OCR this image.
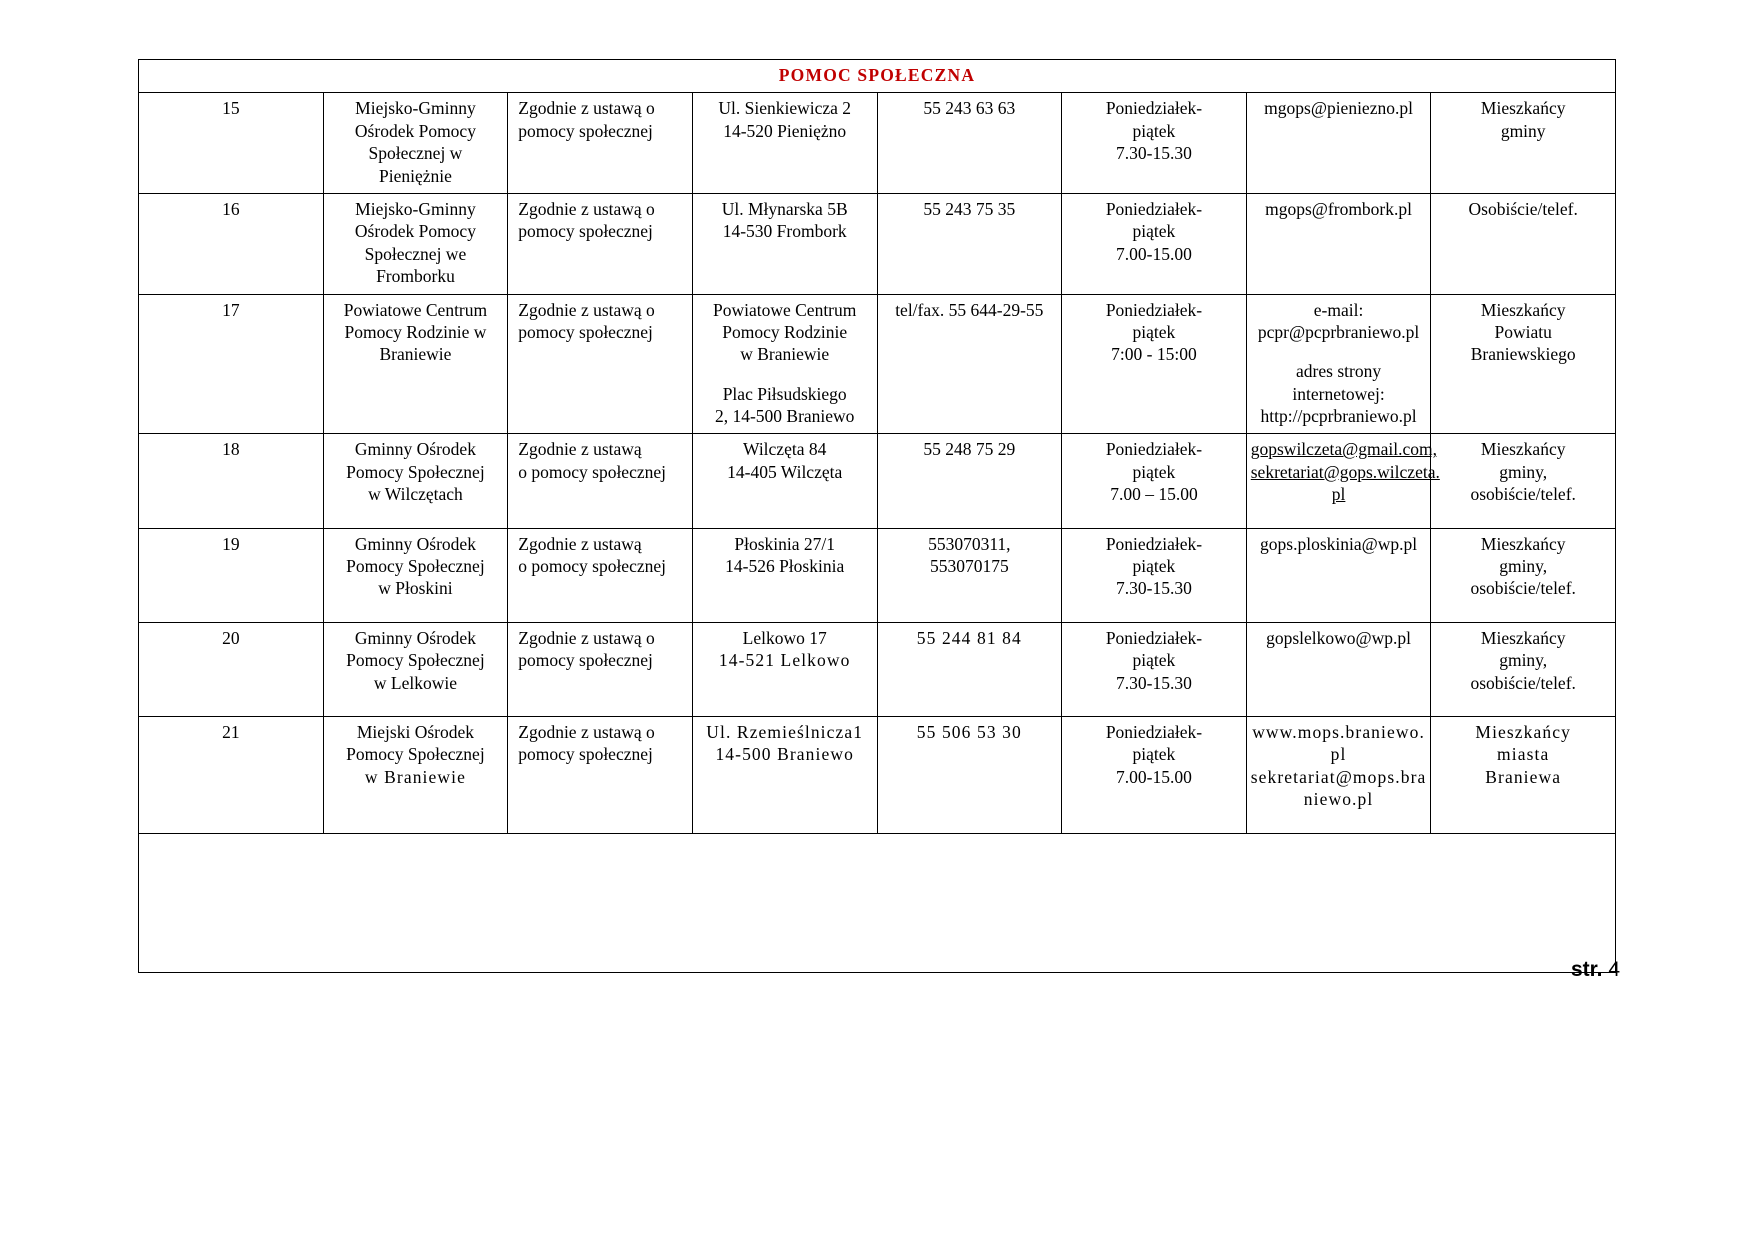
POMOC SPOŁECZNA							

15	Miejsko-Gminny
Ośrodek Pomocy
Społecznej w
Pieniężnie	Zgodnie z ustawą o
pomocy społecznej	Ul. Sienkiewicza 2
14-520 Pieniężno	55 243 63 63	Poniedziałek-
piątek
7.30-15.30	mgops@pieniezno.pl	Mieszkańcy
gminy

16	Miejsko-Gminny
Ośrodek Pomocy
Społecznej we
Fromborku	Zgodnie z ustawą o
pomocy społecznej	Ul. Młynarska 5B
14-530 Frombork	55 243 75 35	Poniedziałek-
piątek
7.00-15.00	mgops@frombork.pl	Osobiście/telef.

17	Powiatowe Centrum
Pomocy Rodzinie w
Braniewie	Zgodnie z ustawą o
pomocy społecznej	Powiatowe Centrum
Pomocy Rodzinie
w Braniewie
Plac Piłsudskiego
2, 14-500 Braniewo	tel/fax. 55 644-29-55	Poniedziałek-
piątek
7:00 - 15:00	e-mail:
pcpr@pcprbraniewo.pl
adres strony internetowej:
http://pcprbraniewo.pl	Mieszkańcy
Powiatu
Braniewskiego

18	Gminny Ośrodek
Pomocy Społecznej
w Wilczętach	Zgodnie z ustawą
o pomocy społecznej	Wilczęta 84
14-405 Wilczęta	55 248 75 29	Poniedziałek-
piątek
7.00 – 15.00	gopswilczeta@gmail.com,
sekretariat@gops.wilczeta.
pl	Mieszkańcy
gminy,
osobiście/telef.

19	Gminny Ośrodek
Pomocy Społecznej
w Płoskini	Zgodnie z ustawą
o pomocy społecznej	Płoskinia 27/1
14-526 Płoskinia	553070311,
553070175	Poniedziałek-
piątek
7.30-15.30	gops.ploskinia@wp.pl	Mieszkańcy
gminy,
osobiście/telef.

20	Gminny Ośrodek
Pomocy Społecznej
w Lelkowie	Zgodnie z ustawą o
pomocy społecznej	Lelkowo 17
14-521 Lelkowo	55 244 81 84	Poniedziałek-
piątek
7.30-15.30	gopslelkowo@wp.pl	Mieszkańcy
gminy,
osobiście/telef.

21	Miejski Ośrodek
Pomocy Społecznej
w Braniewie	Zgodnie z ustawą o
pomocy społecznej	Ul. Rzemieślnicza1
14-500 Braniewo	55 506 53 30	Poniedziałek-
piątek
7.00-15.00	www.mops.braniewo.
pl
sekretariat@mops.bra
niewo.pl	Mieszkańcy
miasta
Braniewa

str. 4
